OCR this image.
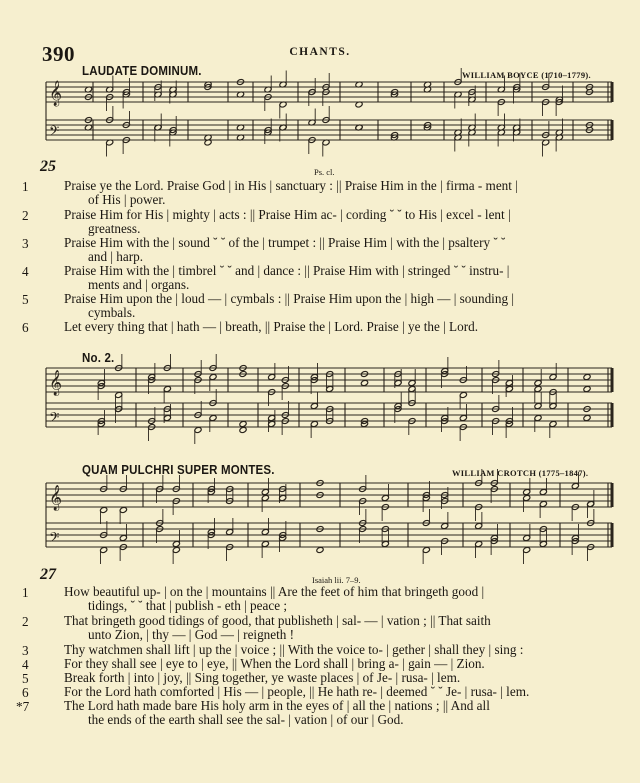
390	CHANTS.
LAUDATE DOMINUM.	WILLIAM BOYCE (1710–1779).
𝄞
𝄢
25	Ps. cl.
1	Praise ye the Lord. Praise God | in His | sanctuary : || Praise Him in the | firma - ment |
of His | power.
2	Praise Him for His | mighty | acts : || Praise Him ac- | cording ˘ ˘ to His | excel - lent |
greatness.
3	Praise Him with the | sound ˘ ˘ of the | trumpet : || Praise Him | with the | psaltery ˘ ˘
and | harp.
4	Praise Him with the | timbrel ˘ ˘ and | dance : || Praise Him with | stringed ˘ ˘ instru- |
ments and | organs.
5	Praise Him upon the | loud — | cymbals : || Praise Him upon the | high — | sounding |
cymbals.
6	Let every thing that | hath — | breath, || Praise the | Lord. Praise | ye the | Lord.
No. 2.
𝄞
𝄢
QUAM PULCHRI SUPER MONTES.	WILLIAM CROTCH (1775–1847).
𝄞
𝄢
27	Isaiah lii. 7–9.
1	How beautiful up- | on the | mountains || Are the feet of him that bringeth good |
tidings, ˘ ˘ that | publish - eth | peace ;
2	That bringeth good tidings of good, that publisheth | sal- — | vation ; || That saith
unto Zion, | thy — | God — | reigneth !
3	Thy watchmen shall lift | up the | voice ; || With the voice to- | gether | shall they | sing :
4	For they shall see | eye to | eye, || When the Lord shall | bring a- | gain — | Zion.
5	Break forth | into | joy, || Sing together, ye waste places | of Je- | rusa- | lem.
6	For the Lord hath comforted | His — | people, || He hath re- | deemed ˘ ˘ Je- | rusa- | lem.
*7	The Lord hath made bare His holy arm in the eyes of | all the | nations ; || And all
the ends of the earth shall see the sal- | vation | of our | God.
